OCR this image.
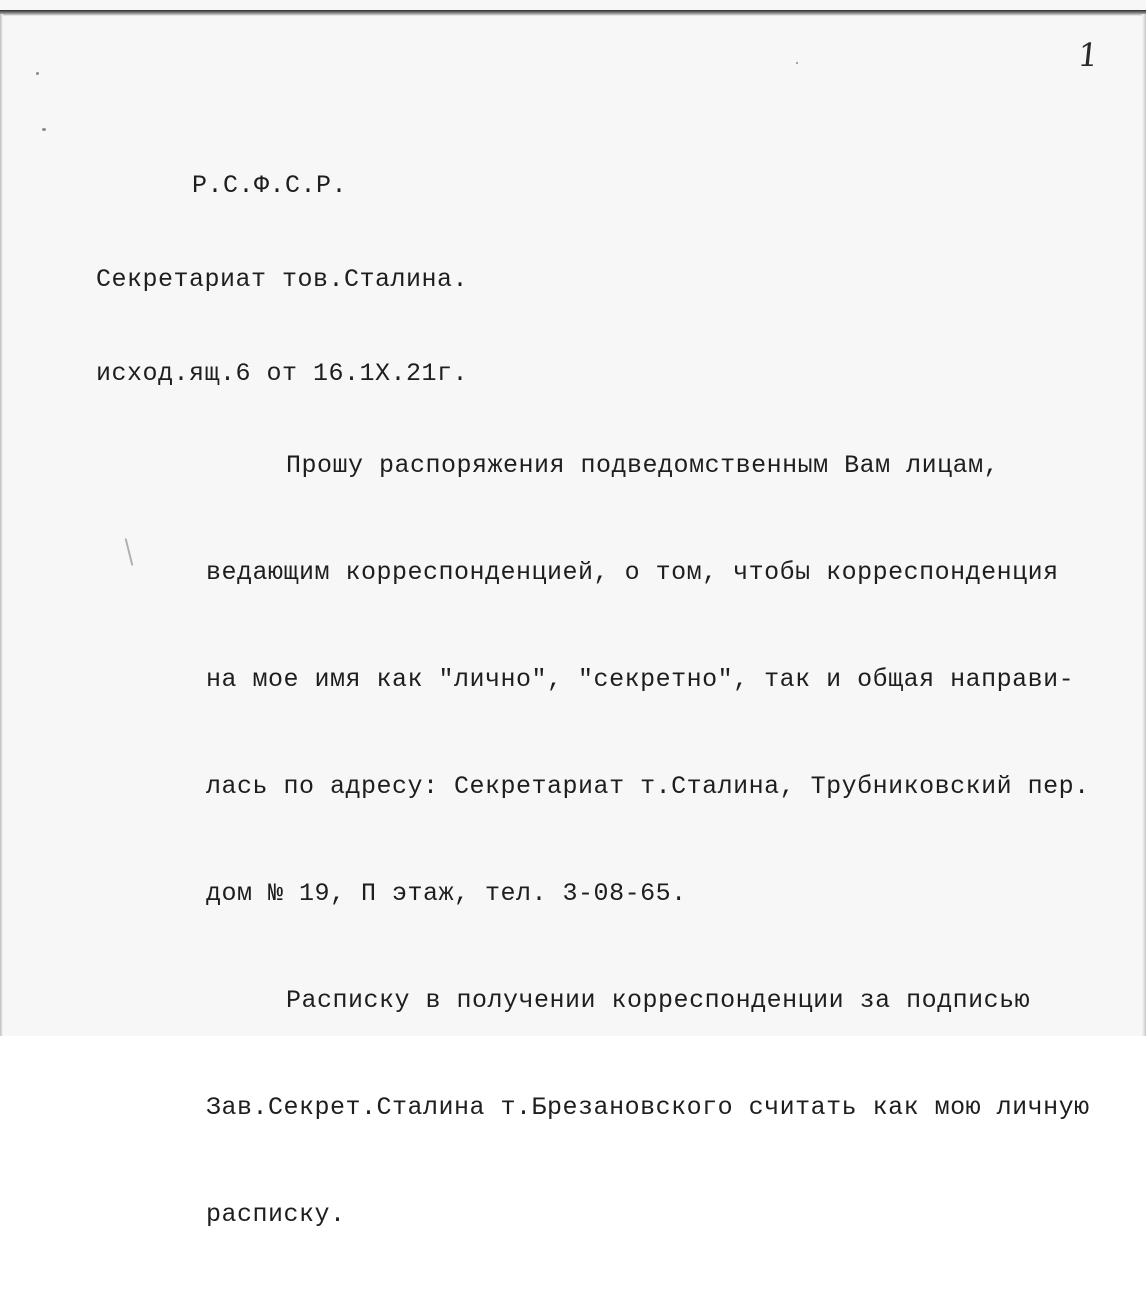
1

Р.С.Ф.С.Р.

Секретариат тов.Сталина.

исход.ящ.6 от 16.1Х.21г.

Прошу распоряжения подведомственным Вам лицам,

ведающим корреспонденцией, о том, чтобы корреспонденция

на мое имя как "лично", "секретно", так и общая направи-

лась по адресу: Секретариат т.Сталина, Трубниковский пер.

дом № 19, П этаж, тел. 3-08-65.

Расписку в получении корреспонденции за подписью

Зав.Секрет.Сталина т.Брезановского считать как мою личную

расписку.
